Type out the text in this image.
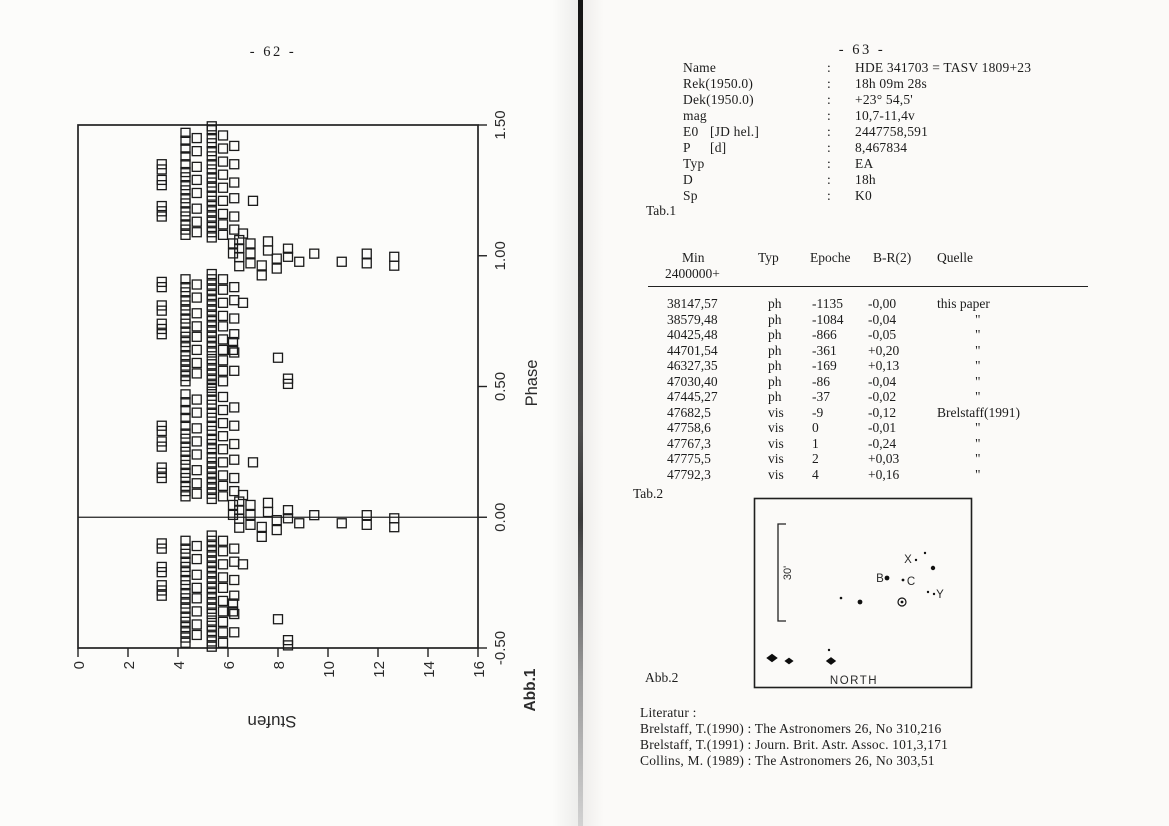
- 62 -
0 2 4 6 8 10 12 14 16
1.50
1.00
0.50
0.00
-0.50
Phase
Stufen
Abb.1
- 63 -
Name	:	HDE 341703 = TASV 1809+23
Rek(1950.0)	:	18h 09m 28s
Dek(1950.0)	:	+23° 54,5'
mag	:	10,7-11,4v
E0 [JD hel.]	:	2447758,591
P [d]	:	8,467834
Typ	:	EA
D	:	18h
Sp	:	K0
Tab.1
Min
2400000+
Typ	Epoche	B-R(2)	Quelle
38147,57	ph	-1135	-0,00	this paper
38579,48	ph	-1084	-0,04	"
40425,48	ph	-866	-0,05	"
44701,54	ph	-361	+0,20	"
46327,35	ph	-169	+0,13	"
47030,40	ph	-86	-0,04	"
47445,27	ph	-37	-0,02	"
47682,5	vis	-9	-0,12	Brelstaff(1991)
47758,6	vis	0	-0,01	"
47767,3	vis	1	-0,24	"
47775,5	vis	2	+0,03	"
47792,3	vis	4	+0,16	"
Tab.2
30'
X
B C
Y
NORTH
Abb.2
Literatur :
Brelstaff, T.(1990) : The Astronomers 26, No 310,216
Brelstaff, T.(1991) : Journ. Brit. Astr. Assoc. 101,3,171
Collins, M. (1989) : The Astronomers 26, No 303,51
